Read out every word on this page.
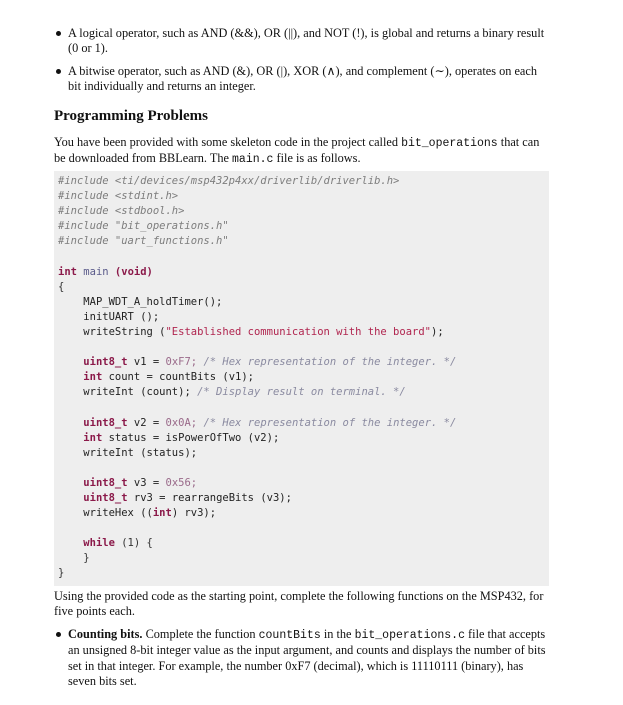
A logical operator, such as AND (&&), OR (||), and NOT (!), is global and returns a binary result (0 or 1).
A bitwise operator, such as AND (&), OR (|), XOR (∧), and complement (∼), operates on each bit individually and returns an integer.
Programming Problems
You have been provided with some skeleton code in the project called bit_operations that can be downloaded from BBLearn. The main.c file is as follows.
#include <ti/devices/msp432p4xx/driverlib/driverlib.h>
#include <stdint.h>
#include <stdbool.h>
#include "bit_operations.h"
#include "uart_functions.h"
int main (void)
{
MAP_WDT_A_holdTimer();
initUART ();
writeString ("Established communication with the board");
uint8_t v1 = 0xF7; /* Hex representation of the integer. */
int count = countBits (v1);
writeInt (count); /* Display result on terminal. */
uint8_t v2 = 0x0A; /* Hex representation of the integer. */
int status = isPowerOfTwo (v2);
writeInt (status);
uint8_t v3 = 0x56;
uint8_t rv3 = rearrangeBits (v3);
writeHex ((int) rv3);
while (1) {
}
}
Using the provided code as the starting point, complete the following functions on the MSP432, for five points each.
Counting bits. Complete the function countBits in the bit_operations.c file that accepts an unsigned 8-bit integer value as the input argument, and counts and displays the number of bits set in that integer. For example, the number 0xF7 (decimal), which is 11110111 (binary), has seven bits set.
